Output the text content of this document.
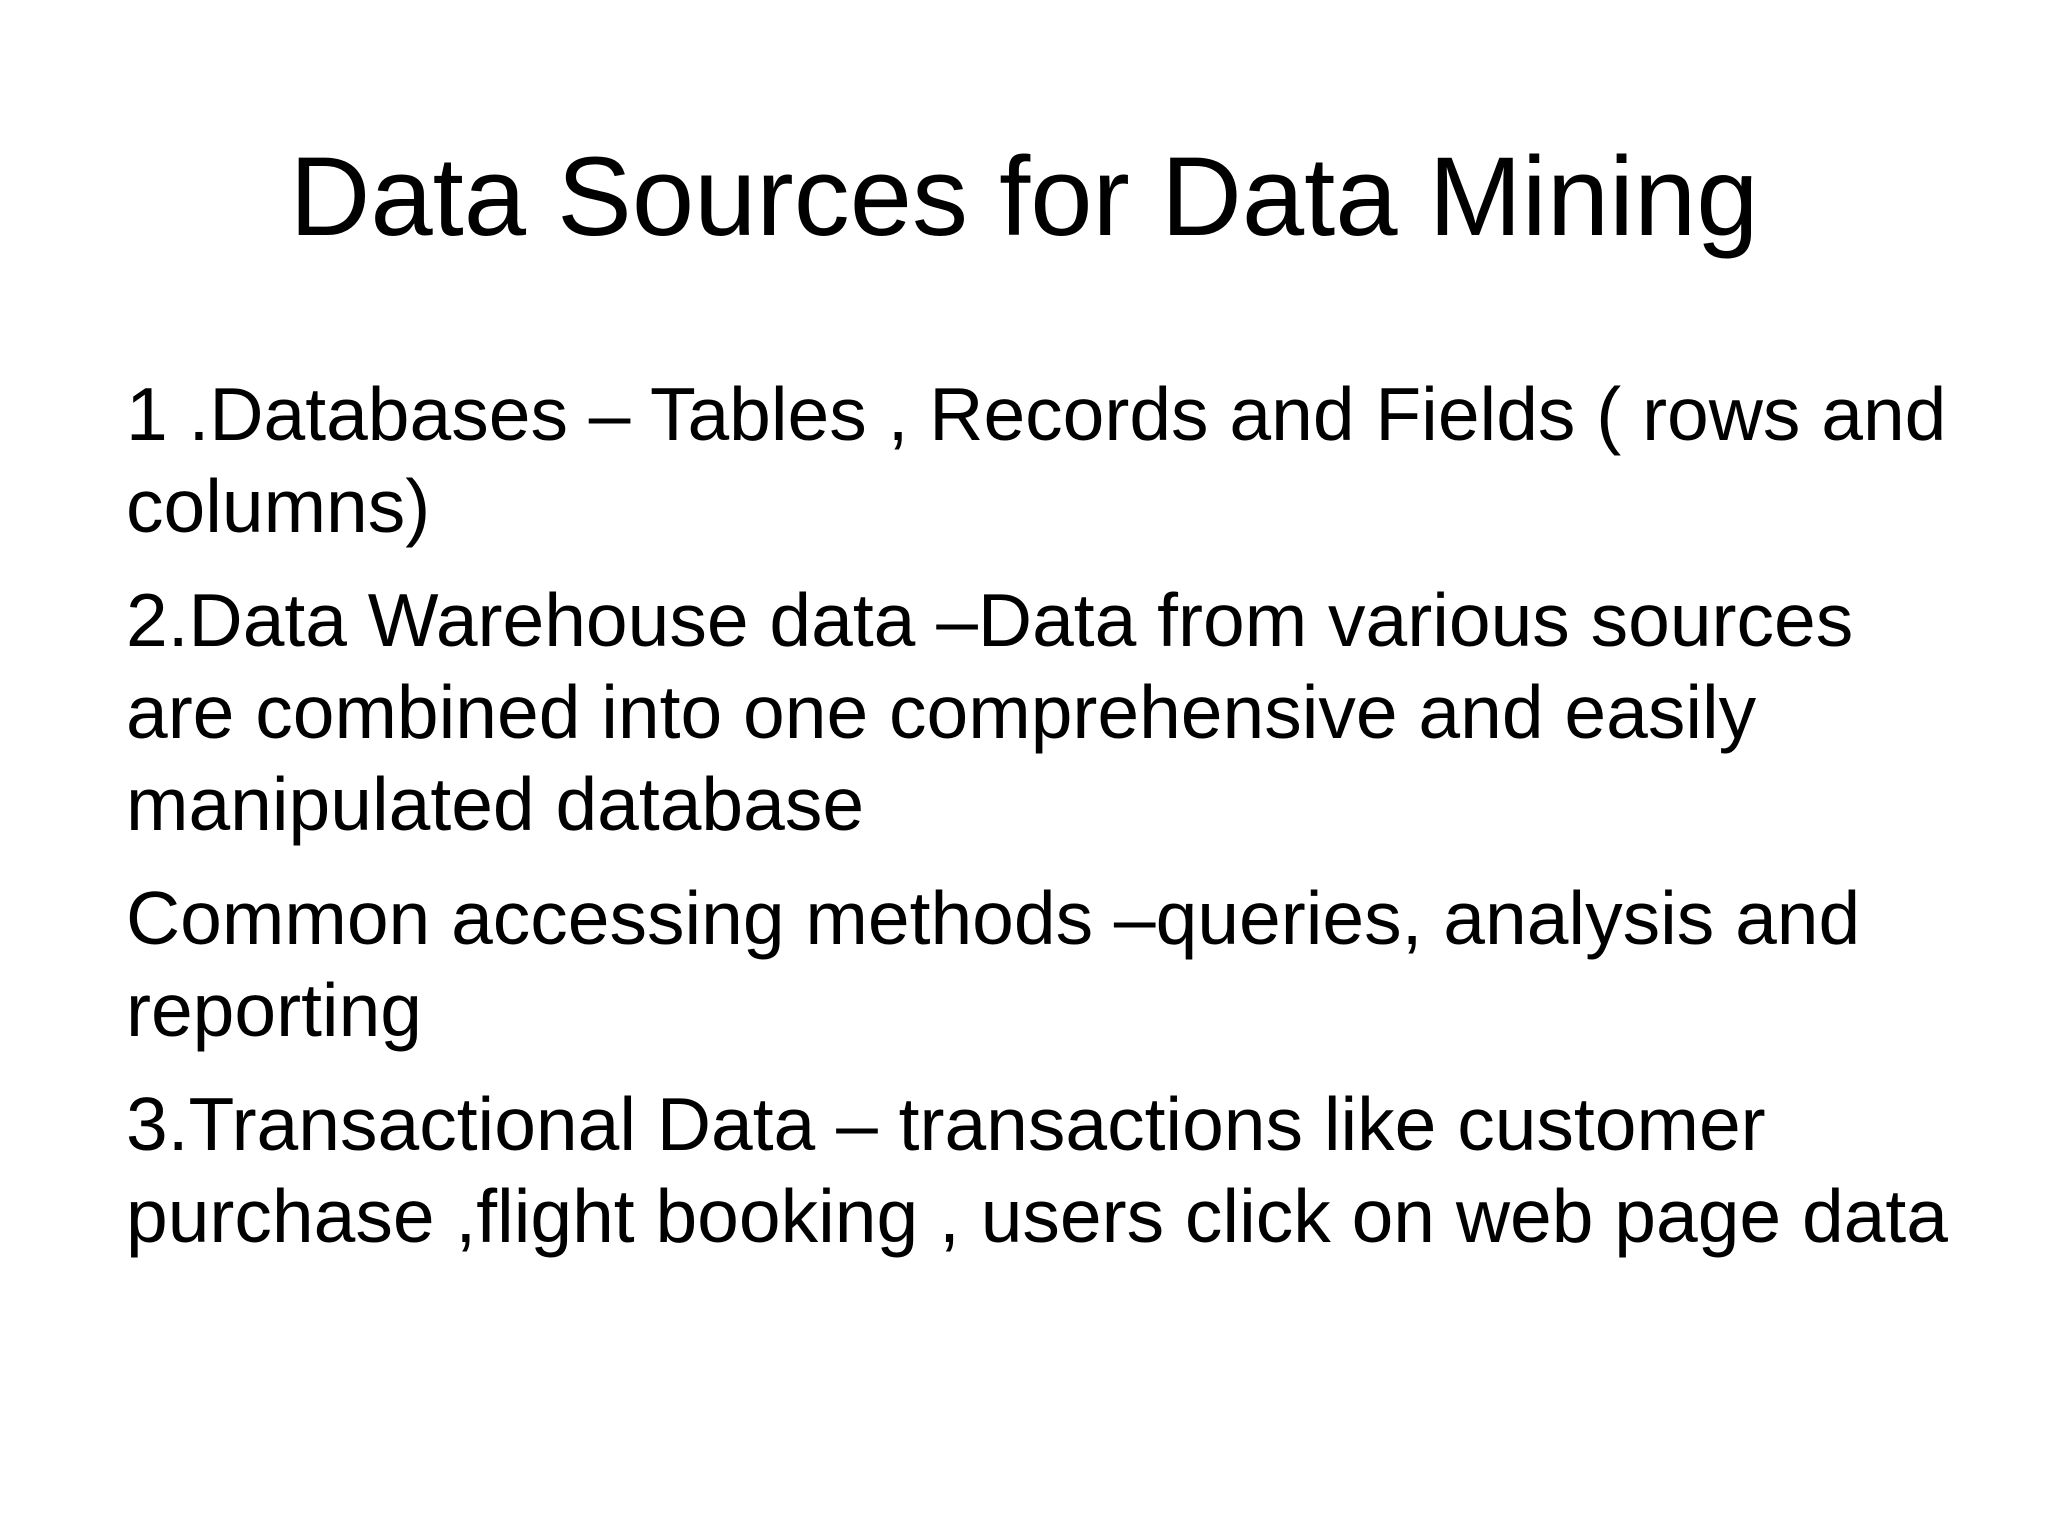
Data Sources for Data Mining

1 .Databases – Tables , Records and Fields ( rows and columns)

2.Data Warehouse data –Data from various sources are combined into one comprehensive and easily manipulated database

Common accessing methods –queries, analysis and reporting

3.Transactional Data – transactions like customer purchase ,flight booking , users click on web page data
